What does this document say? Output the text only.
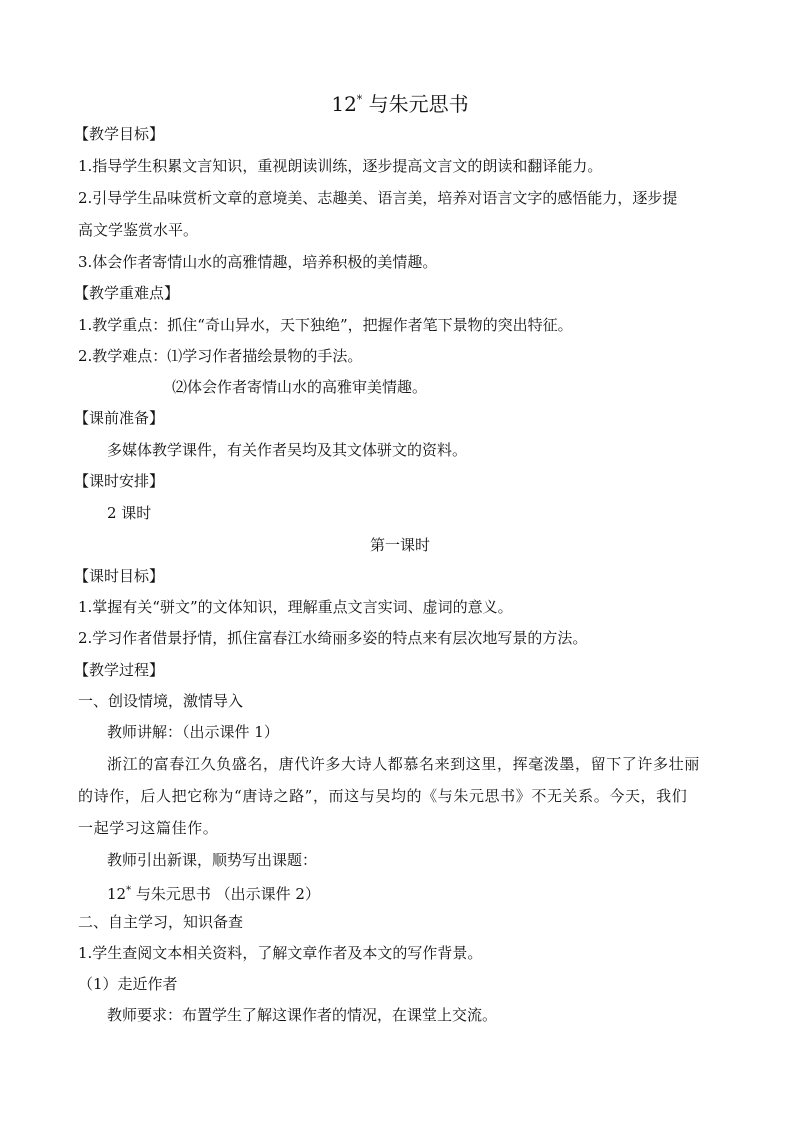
12* 与朱元思书
【教学目标】
1.指导学生积累文言知识，重视朗读训练，逐步提高文言文的朗读和翻译能力。
2.引导学生品味赏析文章的意境美、志趣美、语言美，培养对语言文字的感悟能力，逐步提
高文学鉴赏水平。
3.体会作者寄情山水的高雅情趣，培养积极的美情趣。
【教学重难点】
1.教学重点：抓住“奇山异水，天下独绝”，把握作者笔下景物的突出特征。
2.教学难点：⑴学习作者描绘景物的手法。
⑵体会作者寄情山水的高雅审美情趣。
【课前准备】
多媒体教学课件，有关作者吴均及其文体骈文的资料。
【课时安排】
2 课时
第一课时
【课时目标】
1.掌握有关“骈文”的文体知识，理解重点文言实词、虚词的意义。
2.学习作者借景抒情，抓住富春江水绮丽多姿的特点来有层次地写景的方法。
【教学过程】
一、创设情境，激情导入
教师讲解：（出示课件 1）
浙江的富春江久负盛名，唐代许多大诗人都慕名来到这里，挥毫泼墨，留下了许多壮丽
的诗作，后人把它称为“唐诗之路”，而这与吴均的《与朱元思书》不无关系。今天，我们
一起学习这篇佳作。
教师引出新课，顺势写出课题：
12* 与朱元思书 （出示课件 2）
二、自主学习，知识备查
1.学生查阅文本相关资料，了解文章作者及本文的写作背景。
（1）走近作者
教师要求：布置学生了解这课作者的情况，在课堂上交流。
